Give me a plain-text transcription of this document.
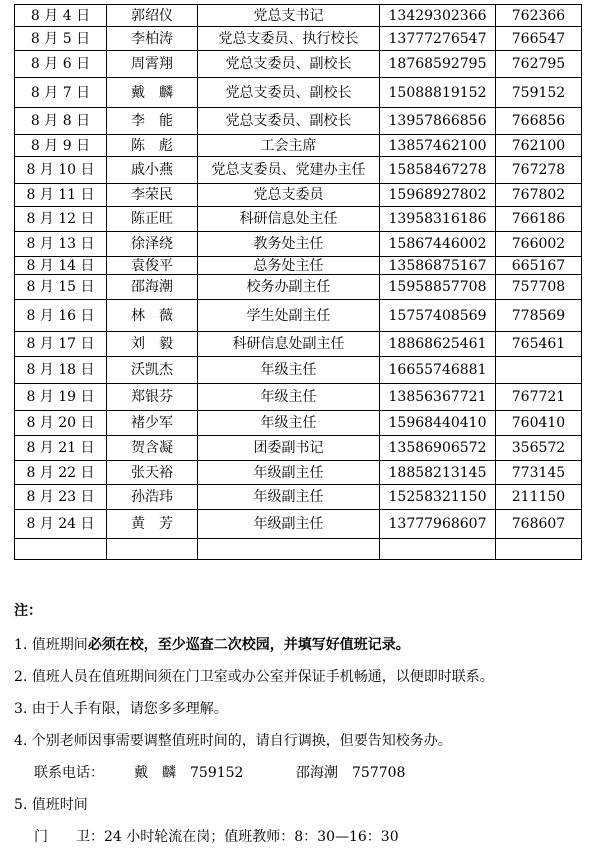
8 月 4 日	郭绍仪	党总支书记	13429302366	762366
8 月 5 日	李柏涛	党总支委员、执行校长	13777276547	766547
8 月 6 日	周霄翔	党总支委员、副校长	18768592795	762795
8 月 7 日	戴　麟	党总支委员、副校长	15088819152	759152
8 月 8 日	李　能	党总支委员、副校长	13957866856	766856
8 月 9 日	陈　彪	工会主席	13857462100	762100
8 月 10 日	戚小燕	党总支委员、党建办主任	15858467278	767278
8 月 11 日	李荣民	党总支委员	15968927802	767802
8 月 12 日	陈正旺	科研信息处主任	13958316186	766186
8 月 13 日	徐泽绕	教务处主任	15867446002	766002
8 月 14 日	袁俊平	总务处主任	13586875167	665167
8 月 15 日	邵海潮	校务办副主任	15958857708	757708
8 月 16 日	林　薇	学生处副主任	15757408569	778569
8 月 17 日	刘　毅	科研信息处副主任	18868625461	765461
8 月 18 日	沃凯杰	年级主任	16655746881	
8 月 19 日	郑银芬	年级主任	13856367721	767721
8 月 20 日	褚少军	年级主任	15968440410	760410
8 月 21 日	贺含凝	团委副书记	13586906572	356572
8 月 22 日	张天裕	年级副主任	18858213145	773145
8 月 23 日	孙浩玮	年级副主任	15258321150	211150
8 月 24 日	黄　芳	年级副主任	13777968607	768607

注：
1. 值班期间必须在校，至少巡查二次校园，并填写好值班记录。
2. 值班人员在值班期间须在门卫室或办公室并保证手机畅通，以便即时联系。
3. 由于人手有限，请您多多理解。
4. 个别老师因事需要调整值班时间的，请自行调换，但要告知校务办。
联系电话： 戴　麟　759152	邵海潮　757708
5. 值班时间
门　　卫：24 小时轮流在岗；值班教师：8：30—16：30
